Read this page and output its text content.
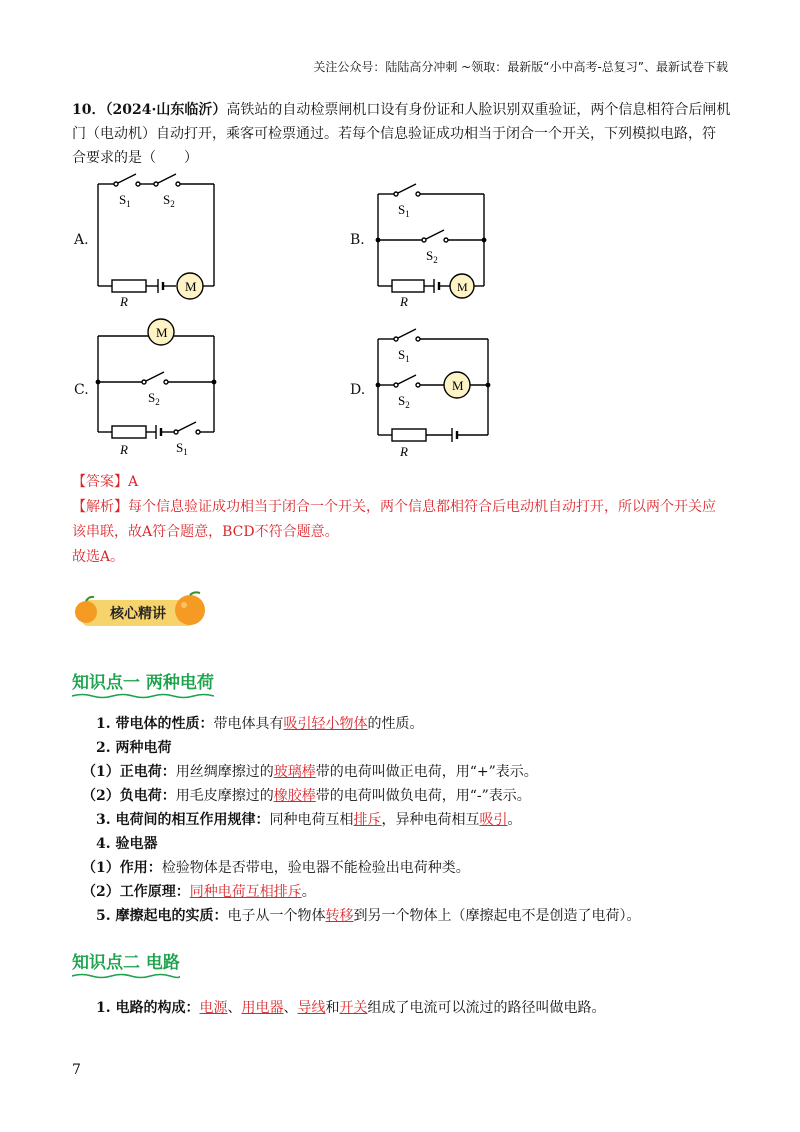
关注公众号：陆陆高分冲刺 ~领取：最新版“小中高考-总复习”、最新试卷下载
10．（2024·山东临沂）高铁站的自动检票闸机口设有身份证和人脸识别双重验证，两个信息相符合后闸机
门（电动机）自动打开，乘客可检票通过。若每个信息验证成功相当于闭合一个开关，下列模拟电路，符
合要求的是（　　）
A.	B.
C.	D.
$S_1$ $S_2$
R
M
$S_1$
$S_2$
R
M
M
$S_2$
R	$S_1$
$S_1$
$S_2$
M
R
【答案】A
【解析】每个信息验证成功相当于闭合一个开关，两个信息都相符合后电动机自动打开，所以两个开关应
该串联，故A符合题意，BCD不符合题意。
故选A。
核心精讲
知识点一 两种电荷
1. 带电体的性质：带电体具有吸引轻小物体的性质。
2. 两种电荷
（1）正电荷：用丝绸摩擦过的玻璃棒带的电荷叫做正电荷，用“+”表示。
（2）负电荷：用毛皮摩擦过的橡胶棒带的电荷叫做负电荷，用“-”表示。
3. 电荷间的相互作用规律：同种电荷互相排斥，异种电荷相互吸引。
4. 验电器
（1）作用：检验物体是否带电，验电器不能检验出电荷种类。
（2）工作原理：同种电荷互相排斥。
5. 摩擦起电的实质：电子从一个物体转移到另一个物体上（摩擦起电不是创造了电荷）。
知识点二 电路
1. 电路的构成：电源、用电器、导线和开关组成了电流可以流过的路径叫做电路。
7
